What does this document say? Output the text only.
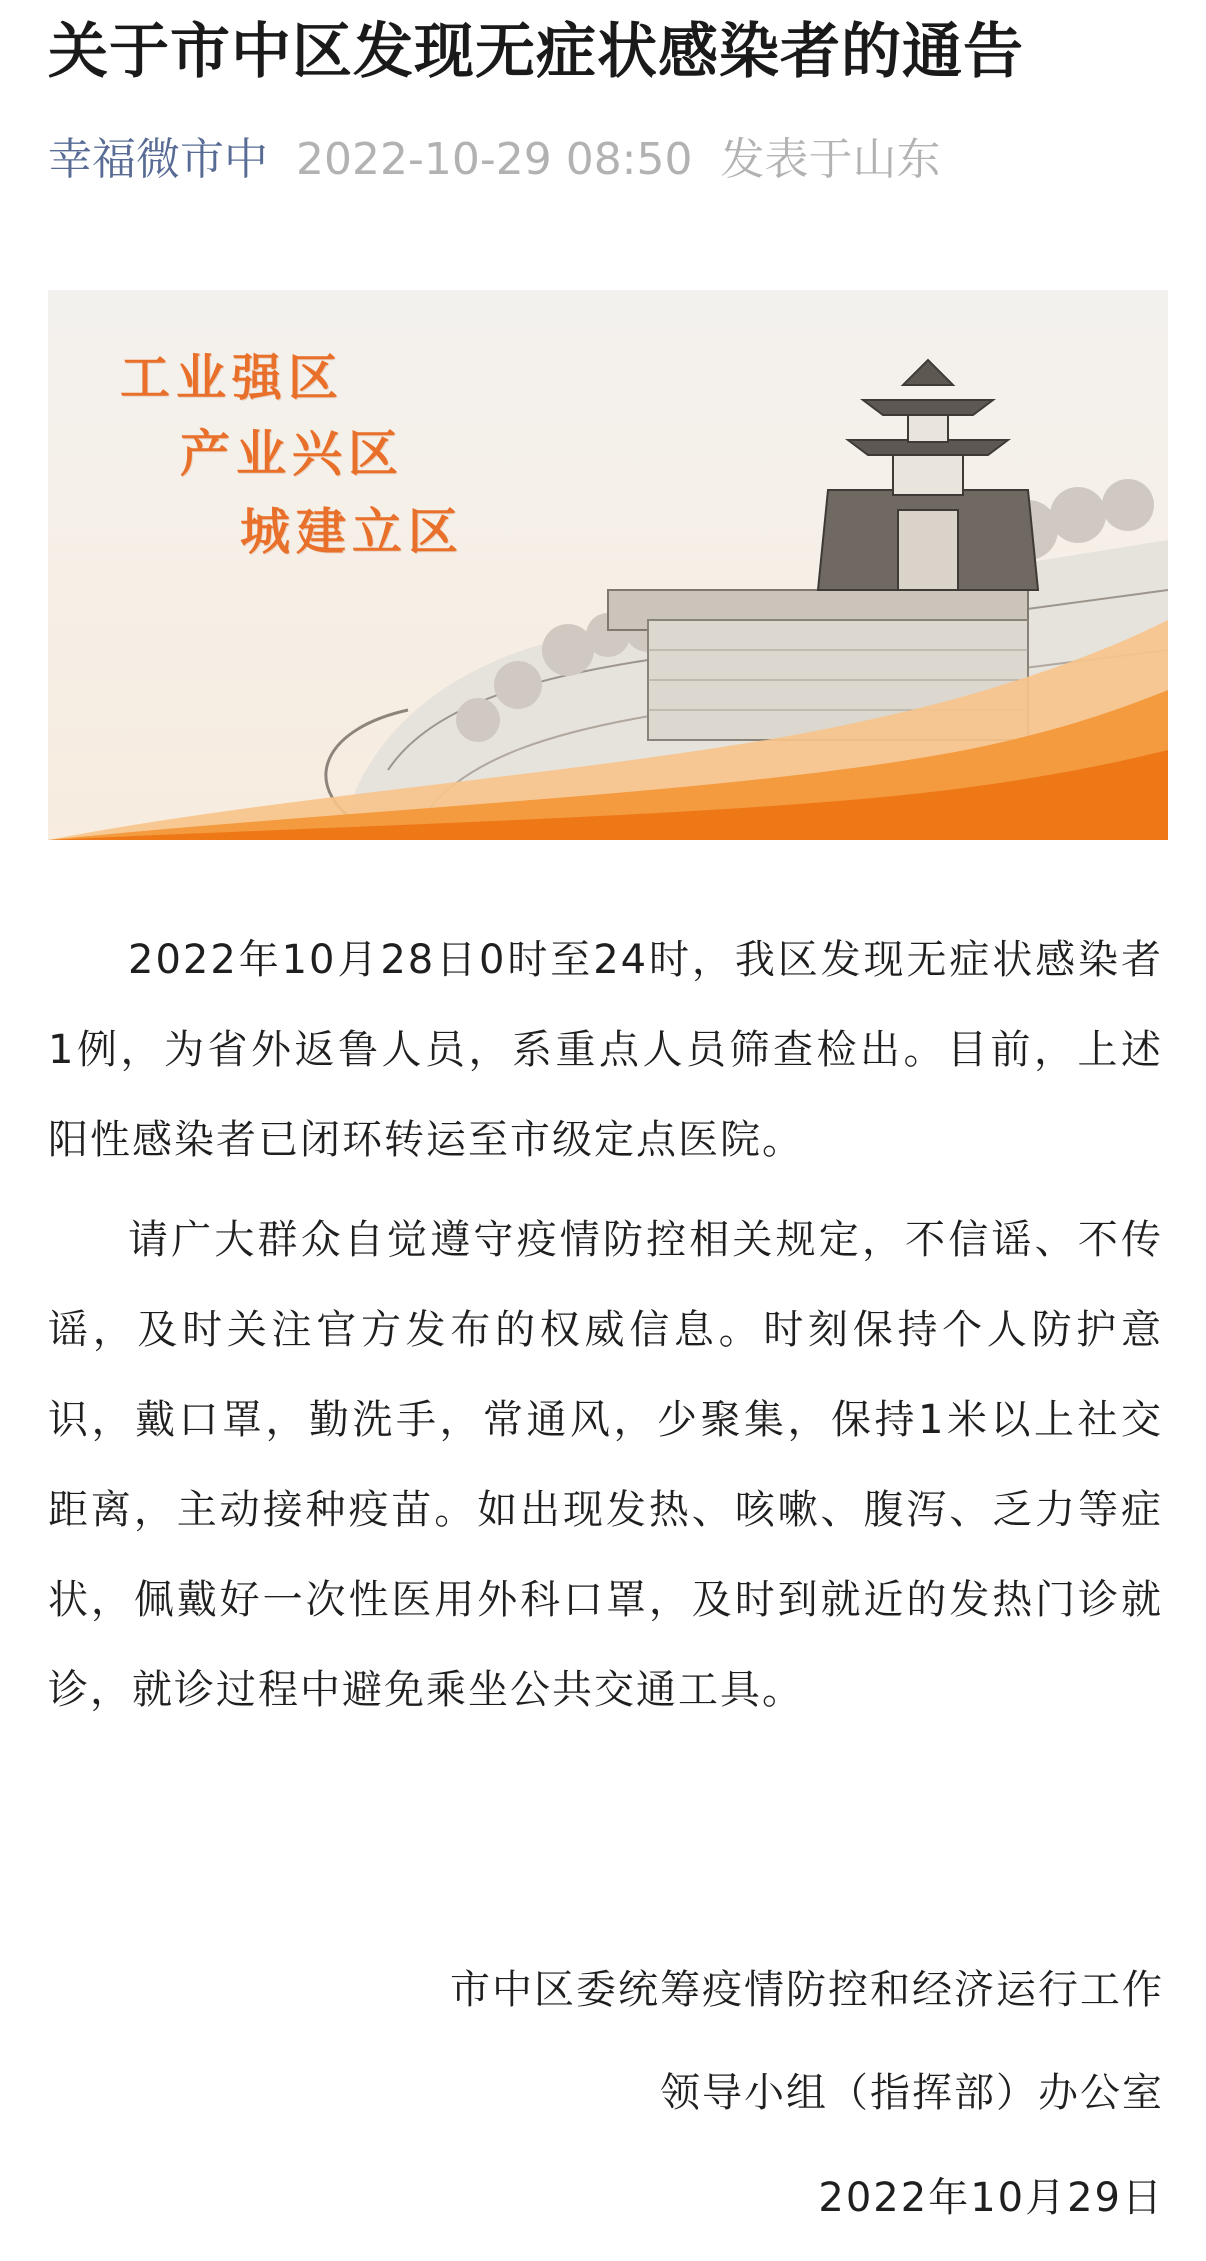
关于市中区发现无症状感染者的通告
幸福微市中 2022-10-29 08:50 发表于山东
工业强区
产业兴区
城建立区

2022年10月28日0时至24时，我区发现无症状感染者1例，为省外返鲁人员，系重点人员筛查检出。目前，上述阳性感染者已闭环转运至市级定点医院。

请广大群众自觉遵守疫情防控相关规定，不信谣、不传谣，及时关注官方发布的权威信息。时刻保持个人防护意识，戴口罩，勤洗手，常通风，少聚集，保持1米以上社交距离，主动接种疫苗。如出现发热、咳嗽、腹泻、乏力等症状，佩戴好一次性医用外科口罩，及时到就近的发热门诊就诊，就诊过程中避免乘坐公共交通工具。

市中区委统筹疫情防控和经济运行工作
领导小组（指挥部）办公室
2022年10月29日
